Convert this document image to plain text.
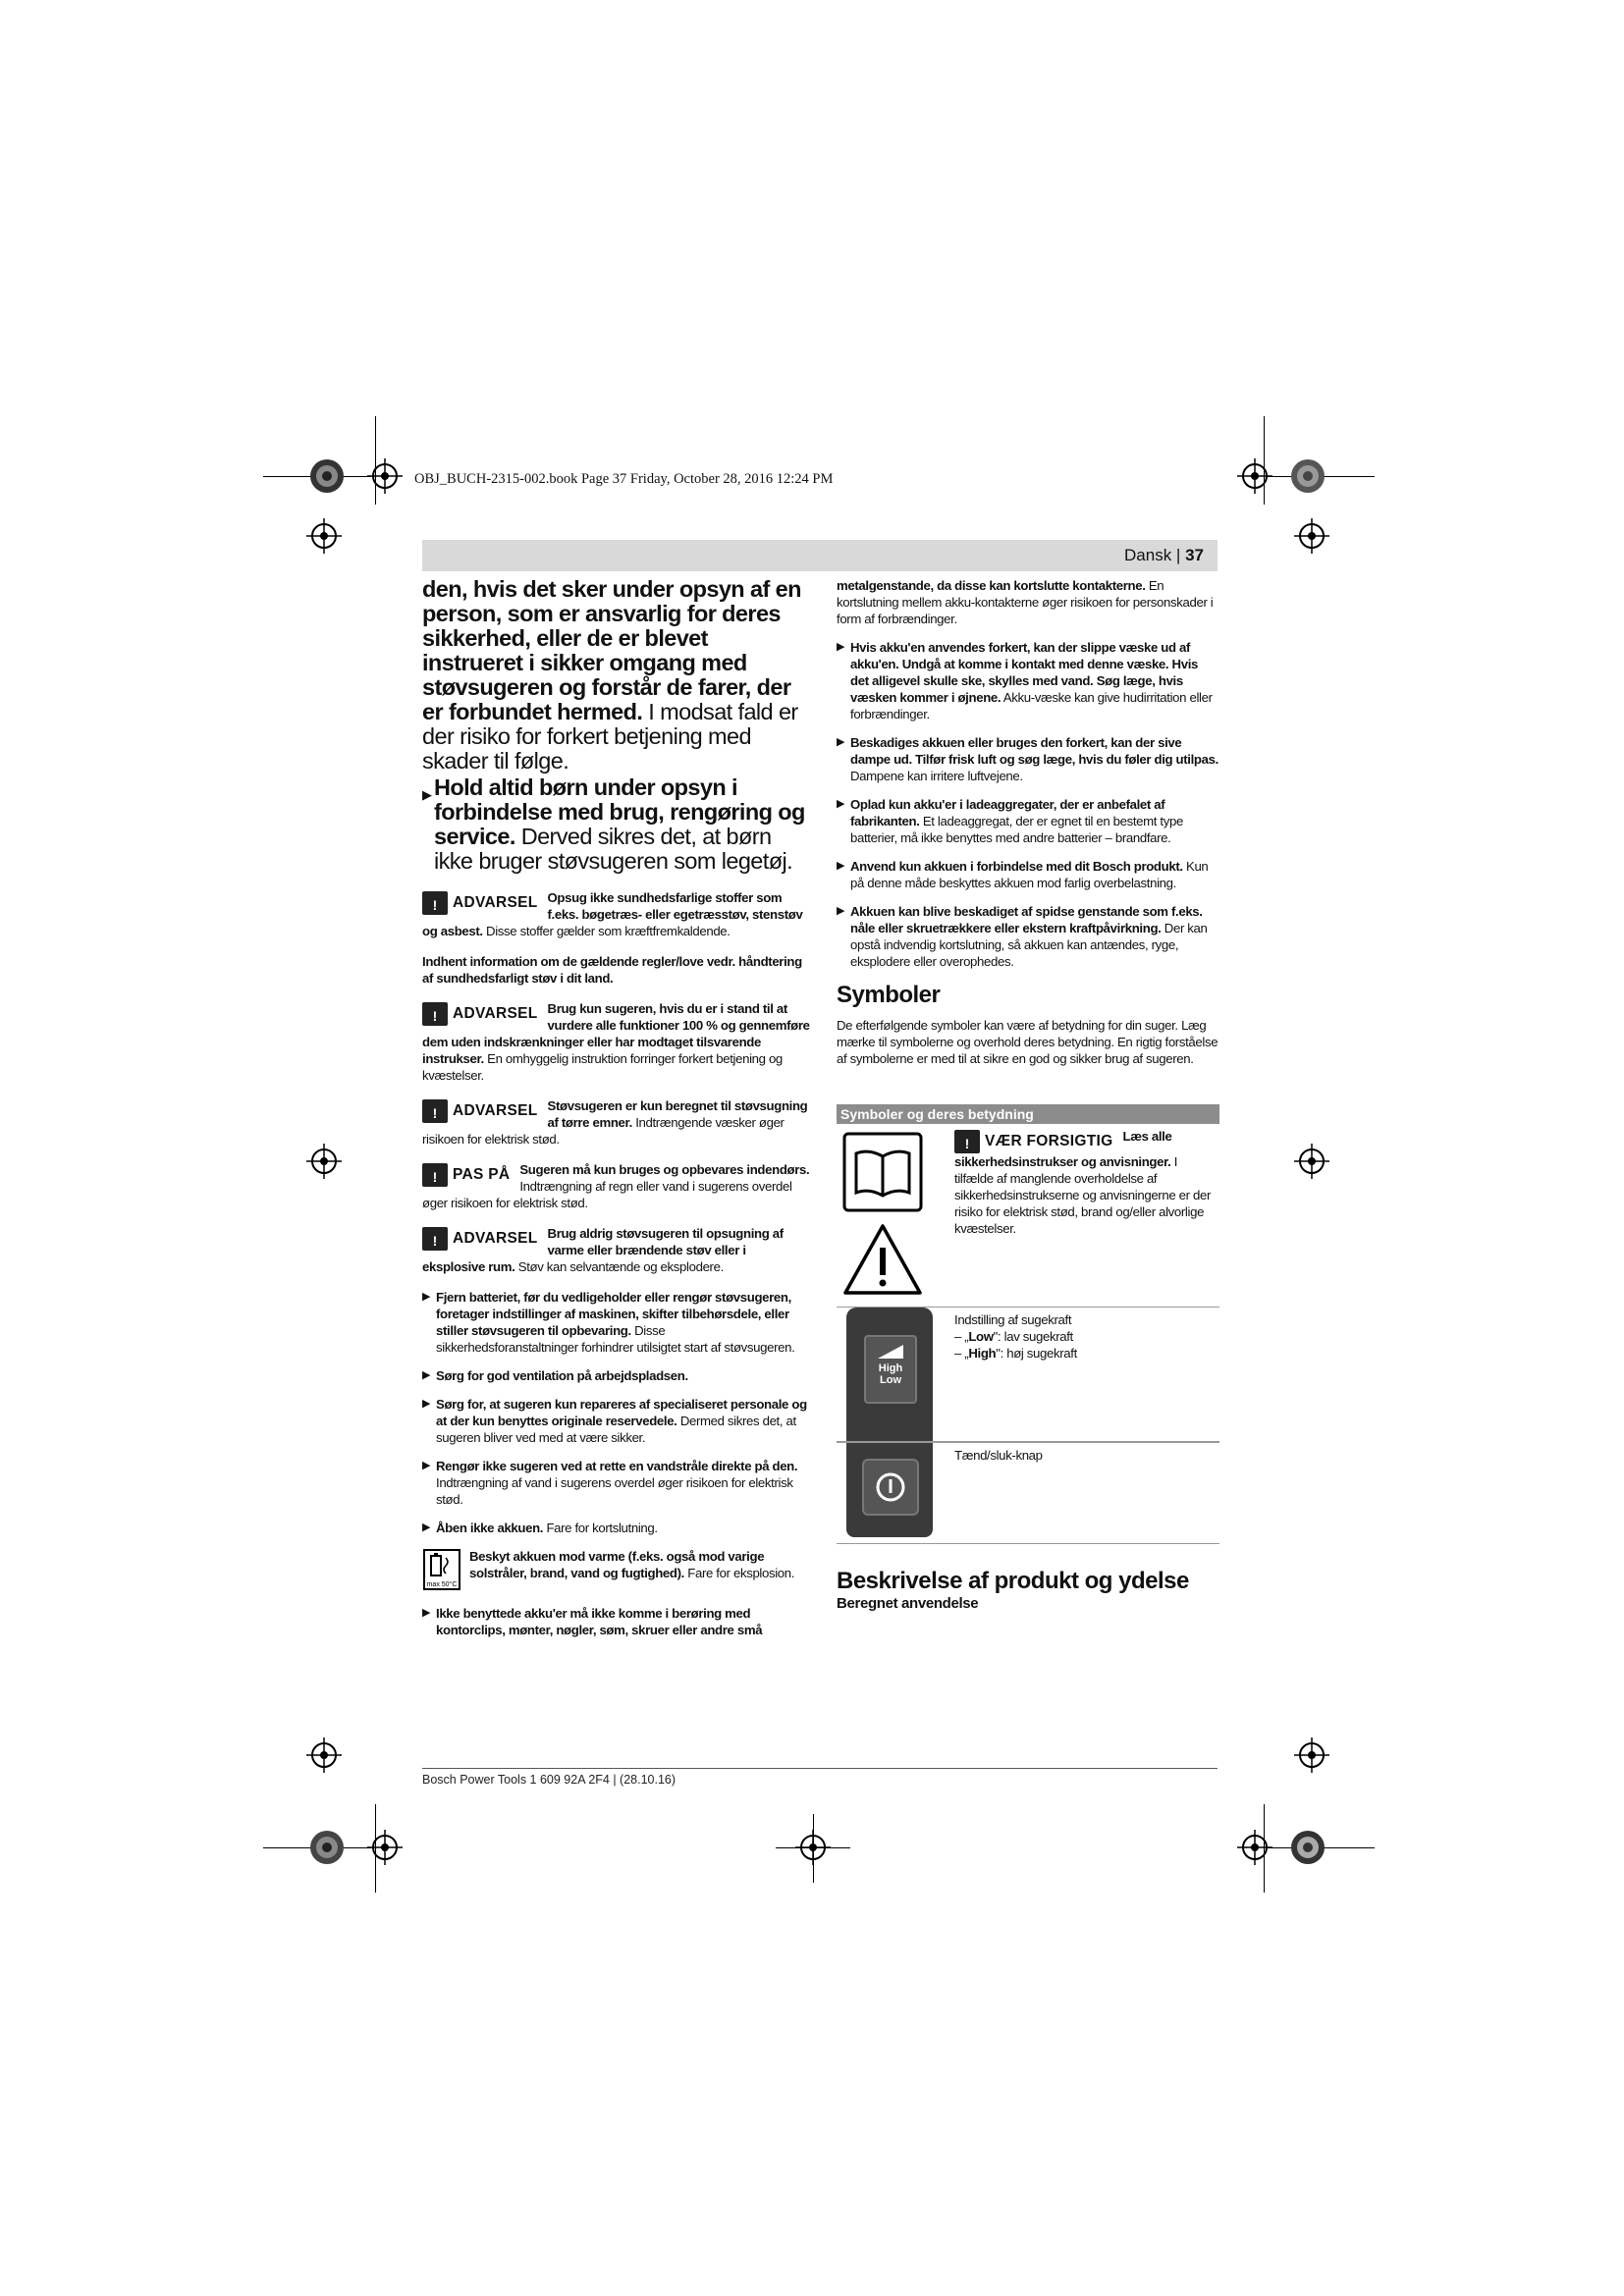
OBJ_BUCH-2315-002.book Page 37 Friday, October 28, 2016 12:24 PM
Dansk | 37

den, hvis det sker under opsyn af en person, som er ansvarlig for deres sikkerhed, eller de er blevet instrueret i sikker omgang med støvsugeren og forstår de farer, der er forbundet hermed. I modsat fald er der risiko for forkert betjening med skader til følge.

▶ Hold altid børn under opsyn i forbindelse med brug, rengøring og service. Derved sikres det, at børn ikke bruger støvsugeren som legetøj.
! ADVARSEL Opsug ikke sundhedsfarlige stoffer som f.eks. bøgetræs- eller egetræsstøv, stenstøv og asbest. Disse stoffer gælder som kræftfremkaldende.

Indhent information om de gældende regler/love vedr. håndtering af sundhedsfarligt støv i dit land.

! ADVARSEL Brug kun sugeren, hvis du er i stand til at vurdere alle funktioner 100 % og gennemføre dem uden indskrænkninger eller har modtaget tilsvarende instrukser. En omhyggelig instruktion forringer forkert betjening og kvæstelser.

! ADVARSEL Støvsugeren er kun beregnet til støvsugning af tørre emner. Indtrængende væsker øger risikoen for elektrisk stød.

! PAS PÅ Sugeren må kun bruges og opbevares indendørs. Indtrængning af regn eller vand i sugerens overdel øger risikoen for elektrisk stød.

! ADVARSEL Brug aldrig støvsugeren til opsugning af varme eller brændende støv eller i eksplosive rum. Støv kan selvantænde og eksplodere.

▶ Fjern batteriet, før du vedligeholder eller rengør støvsugeren, foretager indstillinger af maskinen, skifter tilbehørsdele, eller stiller støvsugeren til opbevaring. Disse sikkerhedsforanstaltninger forhindrer utilsigtet start af støvsugeren.

▶ Sørg for god ventilation på arbejdspladsen.

▶ Sørg for, at sugeren kun repareres af specialiseret personale og at der kun benyttes originale reservedele. Dermed sikres det, at sugeren bliver ved med at være sikker.

▶ Rengør ikke sugeren ved at rette en vandstråle direkte på den. Indtrængning af vand i sugerens overdel øger risikoen for elektrisk stød.

▶ Åben ikke akkuen. Fare for kortslutning.

max 50°C

Beskyt akkuen mod varme (f.eks. også mod varige solstråler, brand, vand og fugtighed). Fare for eksplosion.

▶ Ikke benyttede akku'er må ikke komme i berøring med kontorclips, mønter, nøgler, søm, skruer eller andre små

metalgenstande, da disse kan kortslutte kontakterne. En kortslutning mellem akku-kontakterne øger risikoen for personskader i form af forbrændinger.

▶ Hvis akku'en anvendes forkert, kan der slippe væske ud af akku'en. Undgå at komme i kontakt med denne væske. Hvis det alligevel skulle ske, skylles med vand. Søg læge, hvis væsken kommer i øjnene. Akku-væske kan give hudirritation eller forbrændinger.

▶ Beskadiges akkuen eller bruges den forkert, kan der sive dampe ud. Tilfør frisk luft og søg læge, hvis du føler dig utilpas. Dampene kan irritere luftvejene.

▶ Oplad kun akku'er i ladeaggregater, der er anbefalet af fabrikanten. Et ladeaggregat, der er egnet til en bestemt type batterier, må ikke benyttes med andre batterier – brandfare.

▶ Anvend kun akkuen i forbindelse med dit Bosch produkt. Kun på denne måde beskyttes akkuen mod farlig overbelastning.

▶ Akkuen kan blive beskadiget af spidse genstande som f.eks. nåle eller skruetrækkere eller ekstern kraftpåvirkning. Der kan opstå indvendig kortslutning, så akkuen kan antændes, ryge, eksplodere eller overophedes.

Symboler

De efterfølgende symboler kan være af betydning for din suger. Læg mærke til symbolerne og overhold deres betydning. En rigtig forståelse af symbolerne er med til at sikre en god og sikker brug af sugeren.

Symboler og deres betydning
! VÆR FORSIGTIG Læs alle sikkerhedsinstrukser og anvisninger. I tilfælde af manglende overholdelse af sikkerhedsinstrukserne og anvisningerne er der risiko for elektrisk stød, brand og/eller alvorlige kvæstelser.

High
Low

Indstilling af sugekraft

– „Low": lav sugekraft

– „High": høj sugekraft

Tænd/sluk-knap

Beskrivelse af produkt og ydelse

Beregnet anvendelse

Bosch Power Tools 1 609 92A 2F4 | (28.10.16)
